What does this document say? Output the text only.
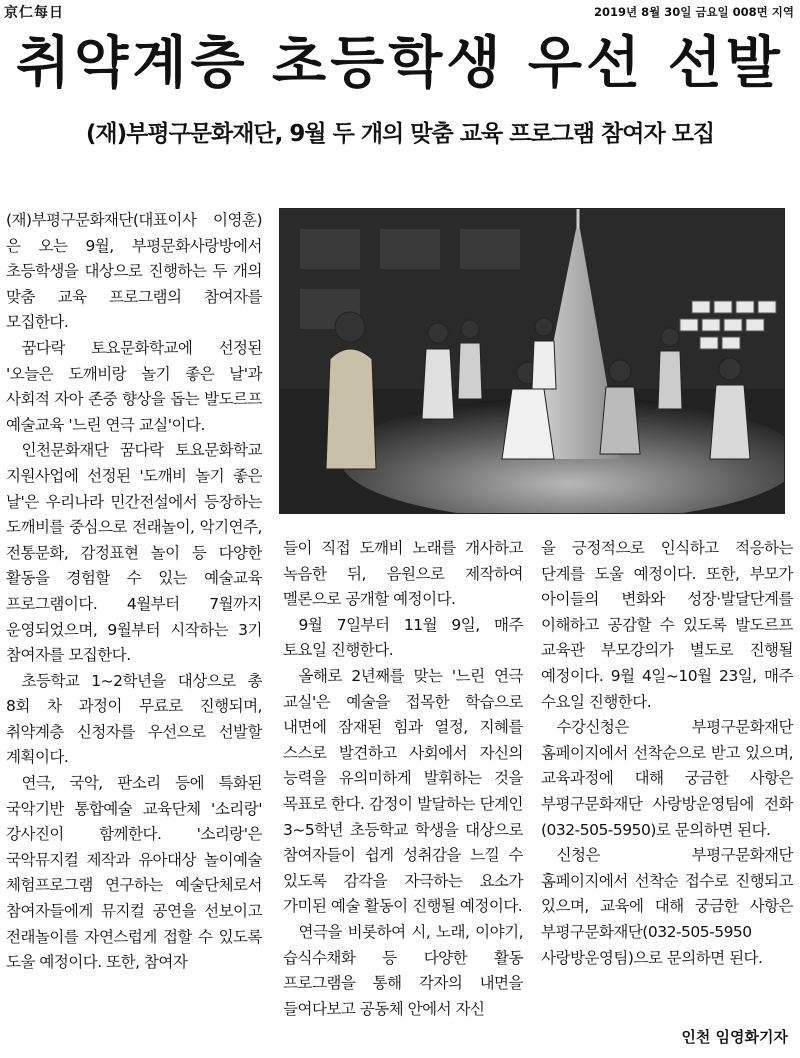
京仁每日	2019년 8월 30일 금요일 008면 지역
취약계층 초등학생 우선 선발
(재)부평구문화재단, 9월 두 개의 맞춤 교육 프로그램 참여자 모집

(재)부평구문화재단(대표이사 이영훈)은 오는 9월, 부평문화사랑방에서 초등학생을 대상으로 진행하는 두 개의 맞춤 교육 프로그램의 참여자를 모집한다.

꿈다락 토요문화학교에 선정된 '오늘은 도깨비랑 놀기 좋은 날'과 사회적 자아 존중 향상을 돕는 발도르프 예술교육 '느린 연극 교실'이다.

인천문화재단 꿈다락 토요문화학교 지원사업에 선정된 '도깨비 놀기 좋은 날'은 우리나라 민간전설에서 등장하는 도깨비를 중심으로 전래놀이, 악기연주, 전통문화, 감정표현 놀이 등 다양한 활동을 경험할 수 있는 예술교육 프로그램이다. 4월부터 7월까지 운영되었으며, 9월부터 시작하는 3기 참여자를 모집한다.

초등학교 1~2학년을 대상으로 총 8회 차 과정이 무료로 진행되며, 취약계층 신청자를 우선으로 선발할 계획이다.

연극, 국악, 판소리 등에 특화된 국악기반 통합예술 교육단체 '소리랑' 강사진이 함께한다. '소리랑'은 국악뮤지컬 제작과 유아대상 놀이예술 체험프로그램 연구하는 예술단체로서 참여자들에게 뮤지컬 공연을 선보이고 전래놀이를 자연스럽게 접할 수 있도록 도울 예정이다. 또한, 참여자

들이 직접 도깨비 노래를 개사하고 녹음한 뒤, 음원으로 제작하여 멜론으로 공개할 예정이다.

9월 7일부터 11월 9일, 매주 토요일 진행한다.

올해로 2년째를 맞는 '느린 연극 교실'은 예술을 접목한 학습으로 내면에 잠재된 힘과 열정, 지혜를 스스로 발견하고 사회에서 자신의 능력을 유의미하게 발휘하는 것을 목표로 한다. 감정이 발달하는 단계인 3~5학년 초등학교 학생을 대상으로 참여자들이 쉽게 성취감을 느낄 수 있도록 감각을 자극하는 요소가 가미된 예술 활동이 진행될 예정이다.

연극을 비롯하여 시, 노래, 이야기, 습식수채화 등 다양한 활동 프로그램을 통해 각자의 내면을 들여다보고 공동체 안에서 자신

을 긍정적으로 인식하고 적응하는 단계를 도울 예정이다. 또한, 부모가 아이들의 변화와 성장·발달단계를 이해하고 공감할 수 있도록 발도르프 교육관 부모강의가 별도로 진행될 예정이다. 9월 4일~10월 23일, 매주 수요일 진행한다.

수강신청은 부평구문화재단 홈페이지에서 선착순으로 받고 있으며, 교육과정에 대해 궁금한 사항은 부평구문화재단 사랑방운영팀에 전화(032-505-5950)로 문의하면 된다.

신청은 부평구문화재단 홈페이지에서 선착순 접수로 진행되고 있으며, 교육에 대해 궁금한 사항은 부평구문화재단(032-505-5950 사랑방운영팀)으로 문의하면 된다.

인천 임영화기자
